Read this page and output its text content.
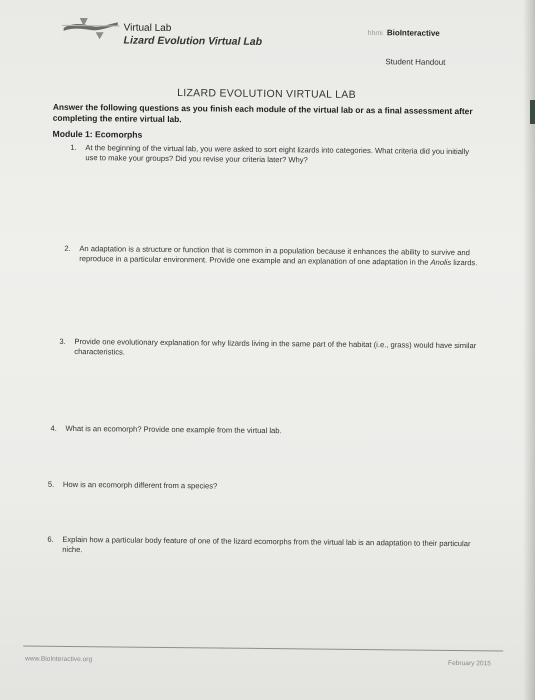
Virtual Lab
Lizard Evolution Virtual Lab
hhmi BioInteractive
Student Handout
LIZARD EVOLUTION VIRTUAL LAB
Answer the following questions as you finish each module of the virtual lab or as a final assessment after completing the entire virtual lab.
Module 1: Ecomorphs
1. At the beginning of the virtual lab, you were asked to sort eight lizards into categories. What criteria did you initially use to make your groups? Did you revise your criteria later? Why?
2. An adaptation is a structure or function that is common in a population because it enhances the ability to survive and reproduce in a particular environment. Provide one example and an explanation of one adaptation in the Anolis lizards.
3. Provide one evolutionary explanation for why lizards living in the same part of the habitat (i.e., grass) would have similar characteristics.
4. What is an ecomorph? Provide one example from the virtual lab.
5. How is an ecomorph different from a species?
6. Explain how a particular body feature of one of the lizard ecomorphs from the virtual lab is an adaptation to their particular niche.
www.BioInteractive.org
February 2015
